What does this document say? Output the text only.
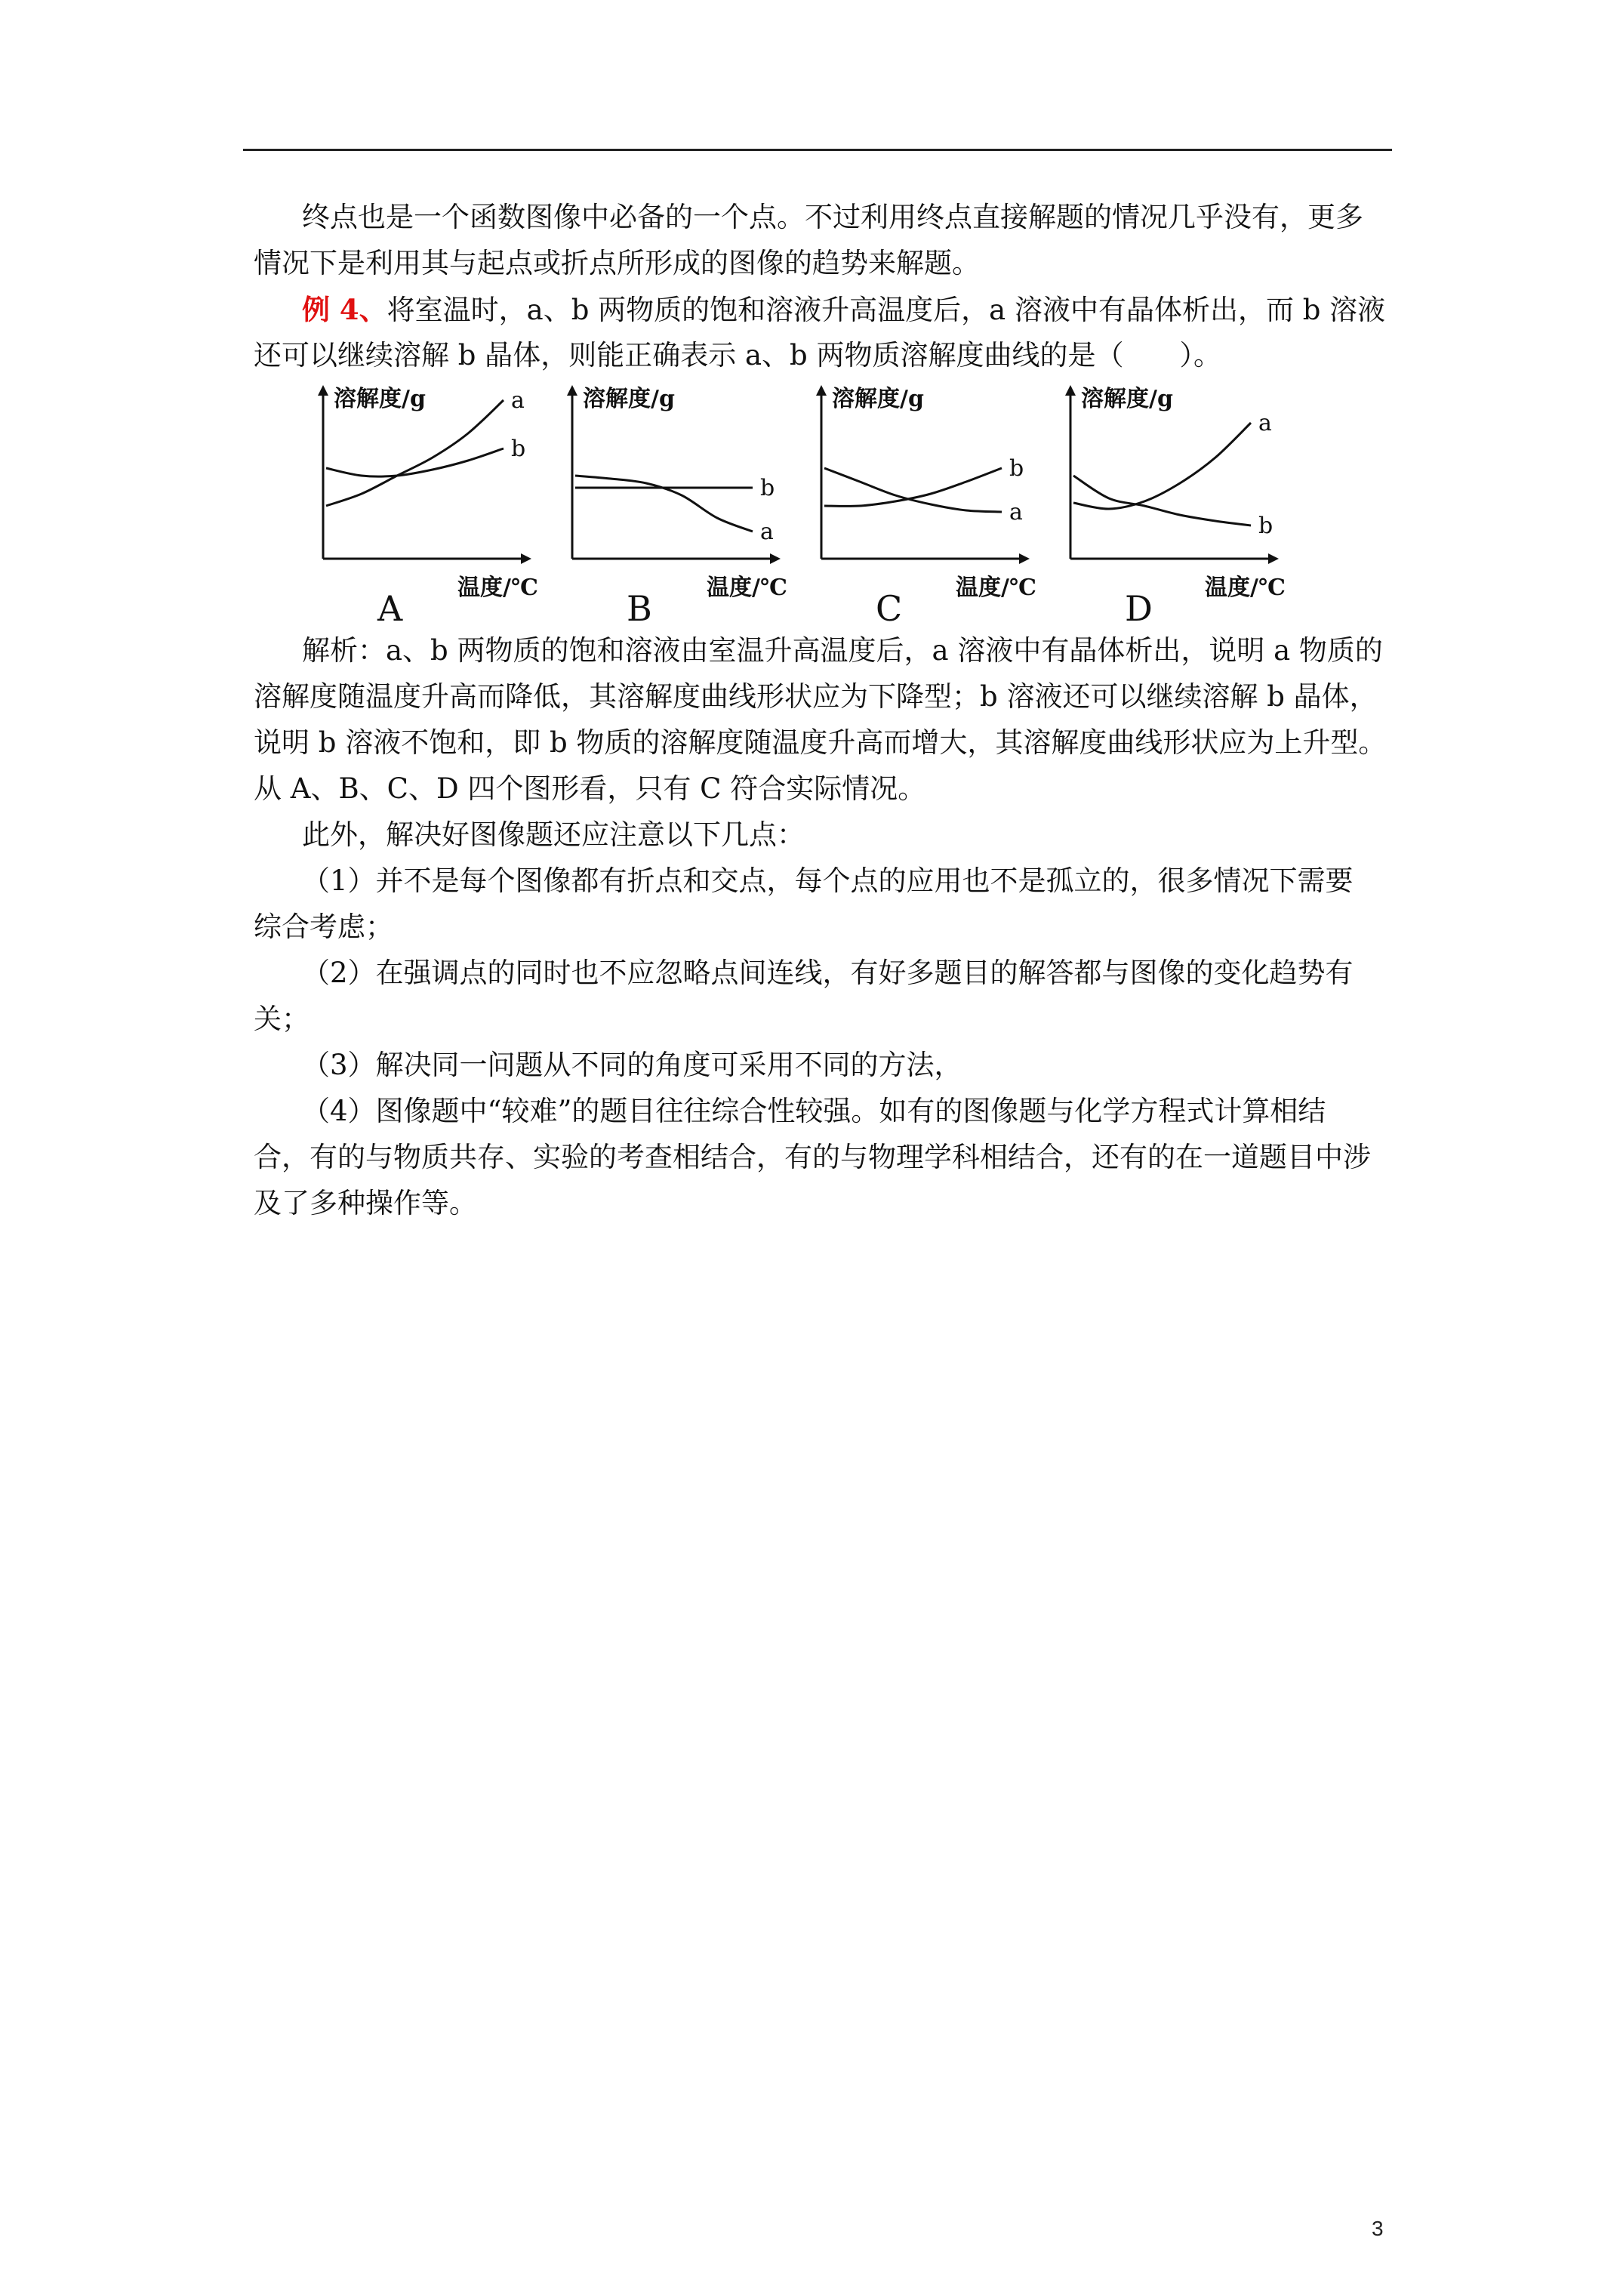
终点也是一个函数图像中必备的一个点。不过利用终点直接解题的情况几乎没有，更多
情况下是利用其与起点或折点所形成的图像的趋势来解题。
例 4、将室温时，a、b 两物质的饱和溶液升高温度后，a 溶液中有晶体析出，而 b 溶液
还可以继续溶解 b 晶体，则能正确表示 a、b 两物质溶解度曲线的是（　　）。
溶解度/g
温度/℃
A
a
b
溶解度/g
温度/℃
B
b
a
溶解度/g
温度/℃
C
b
a
溶解度/g
温度/℃
D
a
b
解析：a、b 两物质的饱和溶液由室温升高温度后，a 溶液中有晶体析出，说明 a 物质的
溶解度随温度升高而降低，其溶解度曲线形状应为下降型；b 溶液还可以继续溶解 b 晶体，
说明 b 溶液不饱和，即 b 物质的溶解度随温度升高而增大，其溶解度曲线形状应为上升型。
从 A、B、C、D 四个图形看，只有 C 符合实际情况。
此外，解决好图像题还应注意以下几点：
（1）并不是每个图像都有折点和交点，每个点的应用也不是孤立的，很多情况下需要
综合考虑；
（2）在强调点的同时也不应忽略点间连线，有好多题目的解答都与图像的变化趋势有
关；
（3）解决同一问题从不同的角度可采用不同的方法，
（4）图像题中“较难”的题目往往综合性较强。如有的图像题与化学方程式计算相结
合，有的与物质共存、实验的考查相结合，有的与物理学科相结合，还有的在一道题目中涉
及了多种操作等。
3
